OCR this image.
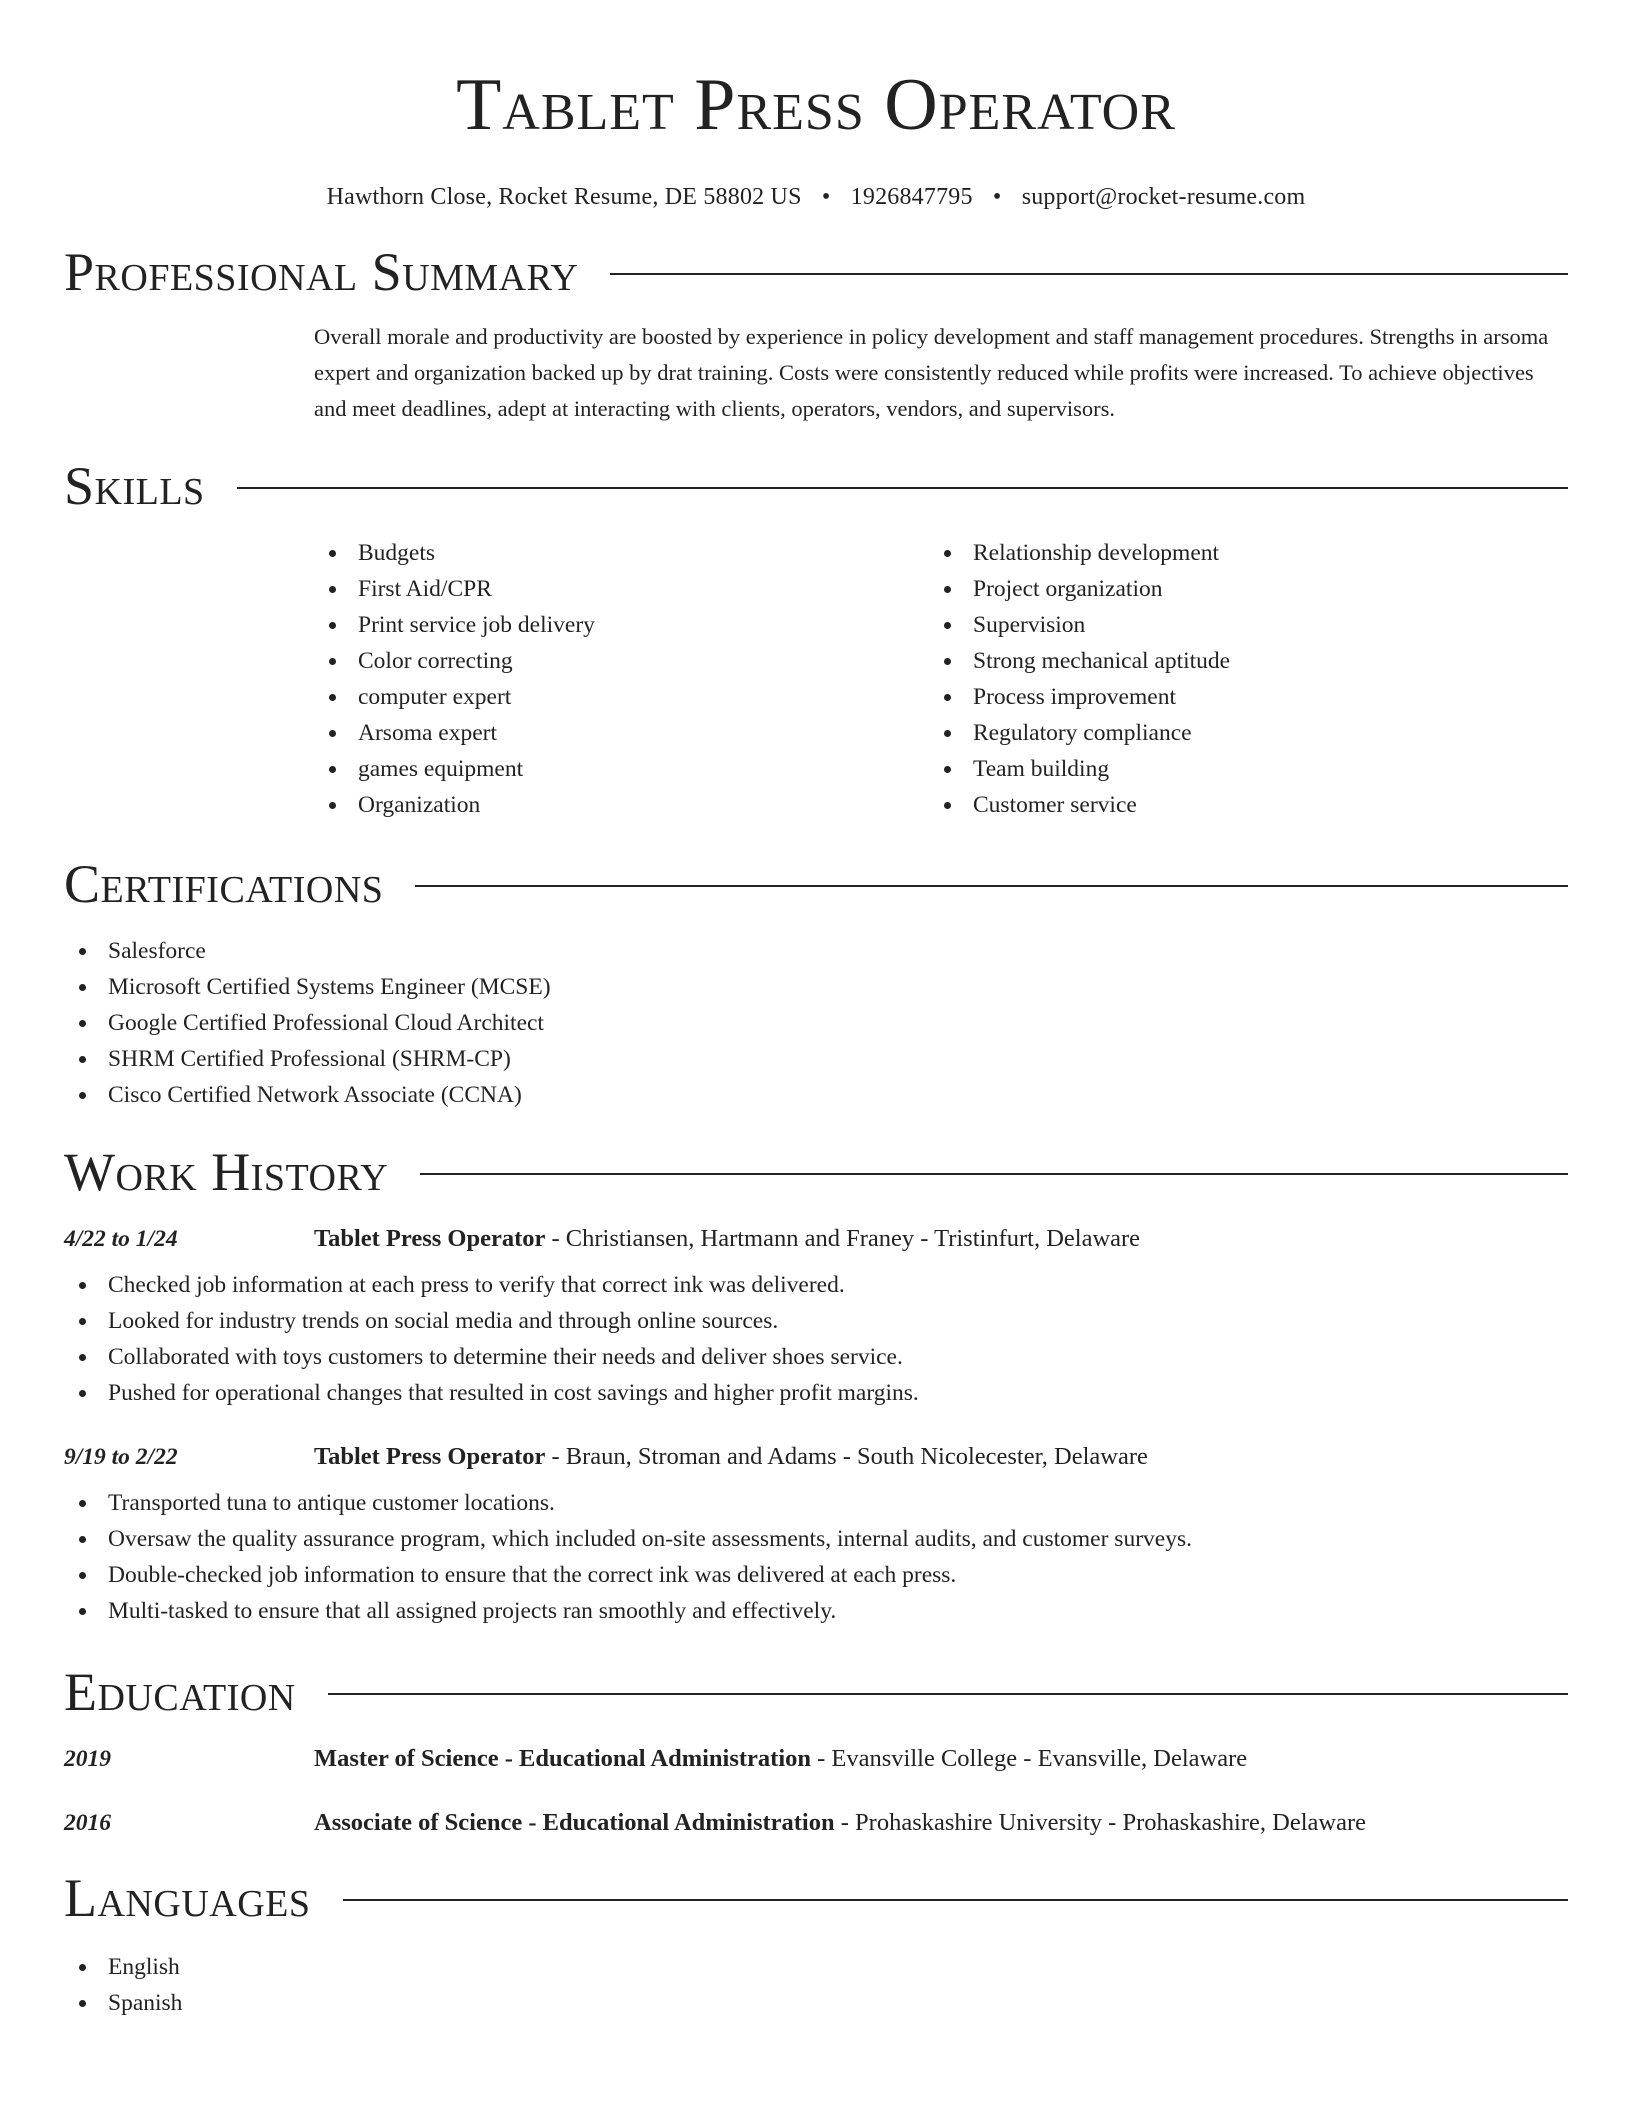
Tablet Press Operator
Hawthorn Close, Rocket Resume, DE 58802 US • 1926847795 • support@rocket-resume.com
Professional Summary
Overall morale and productivity are boosted by experience in policy development and staff management procedures. Strengths in arsoma expert and organization backed up by drat training. Costs were consistently reduced while profits were increased. To achieve objectives and meet deadlines, adept at interacting with clients, operators, vendors, and supervisors.
Skills
Budgets
First Aid/CPR
Print service job delivery
Color correcting
computer expert
Arsoma expert
games equipment
Organization
Relationship development
Project organization
Supervision
Strong mechanical aptitude
Process improvement
Regulatory compliance
Team building
Customer service
Certifications
Salesforce
Microsoft Certified Systems Engineer (MCSE)
Google Certified Professional Cloud Architect
SHRM Certified Professional (SHRM-CP)
Cisco Certified Network Associate (CCNA)
Work History
4/22 to 1/24	Tablet Press Operator - Christiansen, Hartmann and Franey - Tristinfurt, Delaware
Checked job information at each press to verify that correct ink was delivered.
Looked for industry trends on social media and through online sources.
Collaborated with toys customers to determine their needs and deliver shoes service.
Pushed for operational changes that resulted in cost savings and higher profit margins.
9/19 to 2/22	Tablet Press Operator - Braun, Stroman and Adams - South Nicolecester, Delaware
Transported tuna to antique customer locations.
Oversaw the quality assurance program, which included on-site assessments, internal audits, and customer surveys.
Double-checked job information to ensure that the correct ink was delivered at each press.
Multi-tasked to ensure that all assigned projects ran smoothly and effectively.
Education
2019	Master of Science - Educational Administration - Evansville College - Evansville, Delaware
2016	Associate of Science - Educational Administration - Prohaskashire University - Prohaskashire, Delaware
Languages
English
Spanish
